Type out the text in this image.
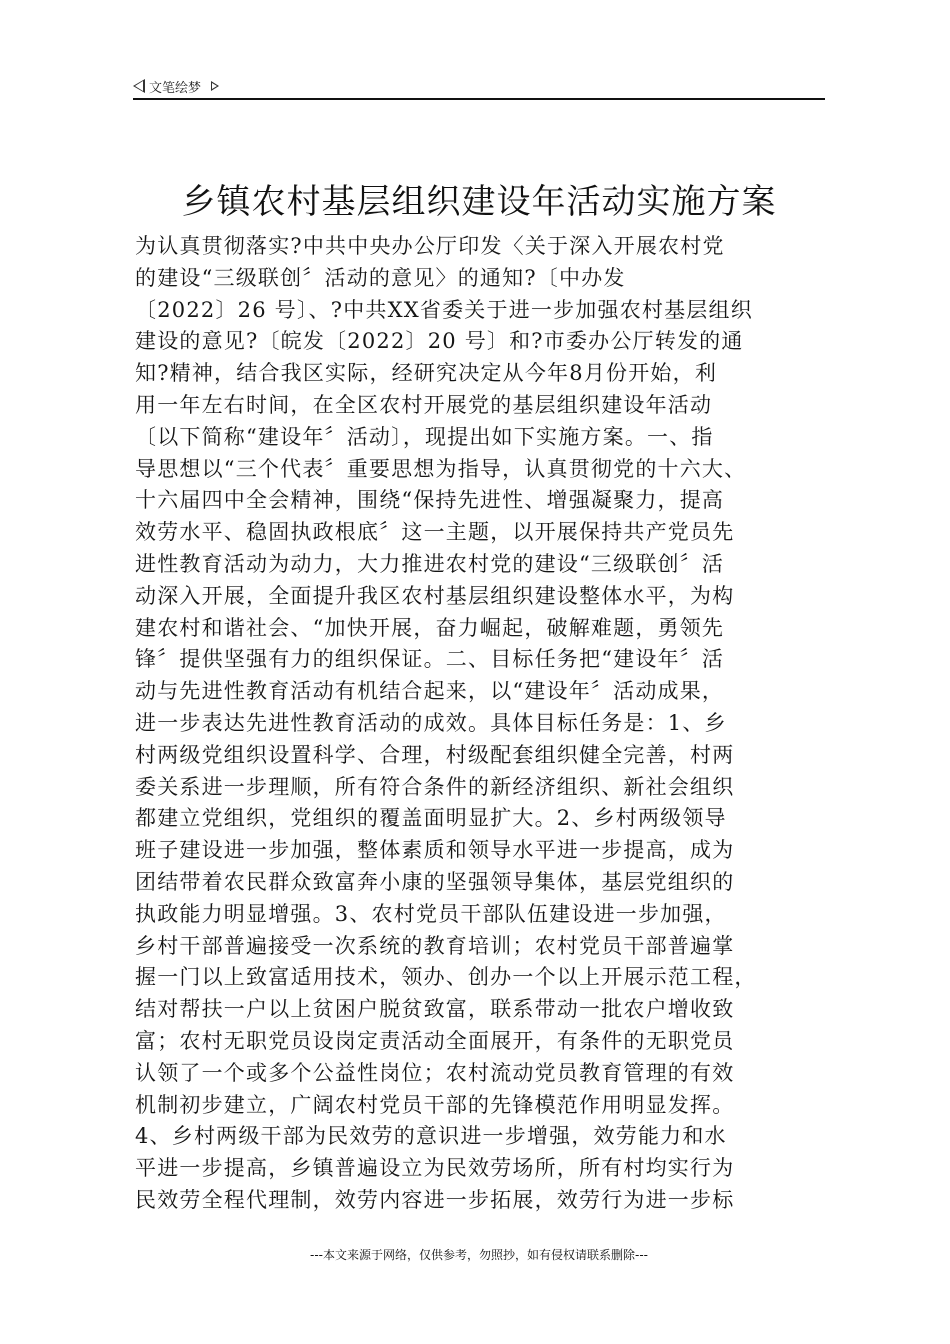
文笔绘梦
乡镇农村基层组织建设年活动实施方案
为认真贯彻落实?中共中央办公厅印发〈关于深入开展农村党
的建设“三级联创〞活动的意见〉的通知?〔中办发
〔2022〕26 号〕、?中共XX省委关于进一步加强农村基层组织
建设的意见?〔皖发〔2022〕20 号〕和?市委办公厅转发的通
知?精神，结合我区实际，经研究决定从今年8月份开始，利
用一年左右时间，在全区农村开展党的基层组织建设年活动
〔以下简称“建设年〞活动〕，现提出如下实施方案。一、指
导思想以“三个代表〞重要思想为指导，认真贯彻党的十六大、
十六届四中全会精神，围绕“保持先进性、增强凝聚力，提高
效劳水平、稳固执政根底〞这一主题，以开展保持共产党员先
进性教育活动为动力，大力推进农村党的建设“三级联创〞活
动深入开展，全面提升我区农村基层组织建设整体水平，为构
建农村和谐社会、“加快开展，奋力崛起，破解难题，勇领先
锋〞提供坚强有力的组织保证。二、目标任务把“建设年〞活
动与先进性教育活动有机结合起来，以“建设年〞活动成果，
进一步表达先进性教育活动的成效。具体目标任务是：1、乡
村两级党组织设置科学、合理，村级配套组织健全完善，村两
委关系进一步理顺，所有符合条件的新经济组织、新社会组织
都建立党组织，党组织的覆盖面明显扩大。2、乡村两级领导
班子建设进一步加强，整体素质和领导水平进一步提高，成为
团结带着农民群众致富奔小康的坚强领导集体，基层党组织的
执政能力明显增强。3、农村党员干部队伍建设进一步加强，
乡村干部普遍接受一次系统的教育培训；农村党员干部普遍掌
握一门以上致富适用技术，领办、创办一个以上开展示范工程，
结对帮扶一户以上贫困户脱贫致富，联系带动一批农户增收致
富；农村无职党员设岗定责活动全面展开，有条件的无职党员
认领了一个或多个公益性岗位；农村流动党员教育管理的有效
机制初步建立，广阔农村党员干部的先锋模范作用明显发挥。
4、乡村两级干部为民效劳的意识进一步增强，效劳能力和水
平进一步提高，乡镇普遍设立为民效劳场所，所有村均实行为
民效劳全程代理制，效劳内容进一步拓展，效劳行为进一步标
---本文来源于网络，仅供参考，勿照抄，如有侵权请联系删除---
